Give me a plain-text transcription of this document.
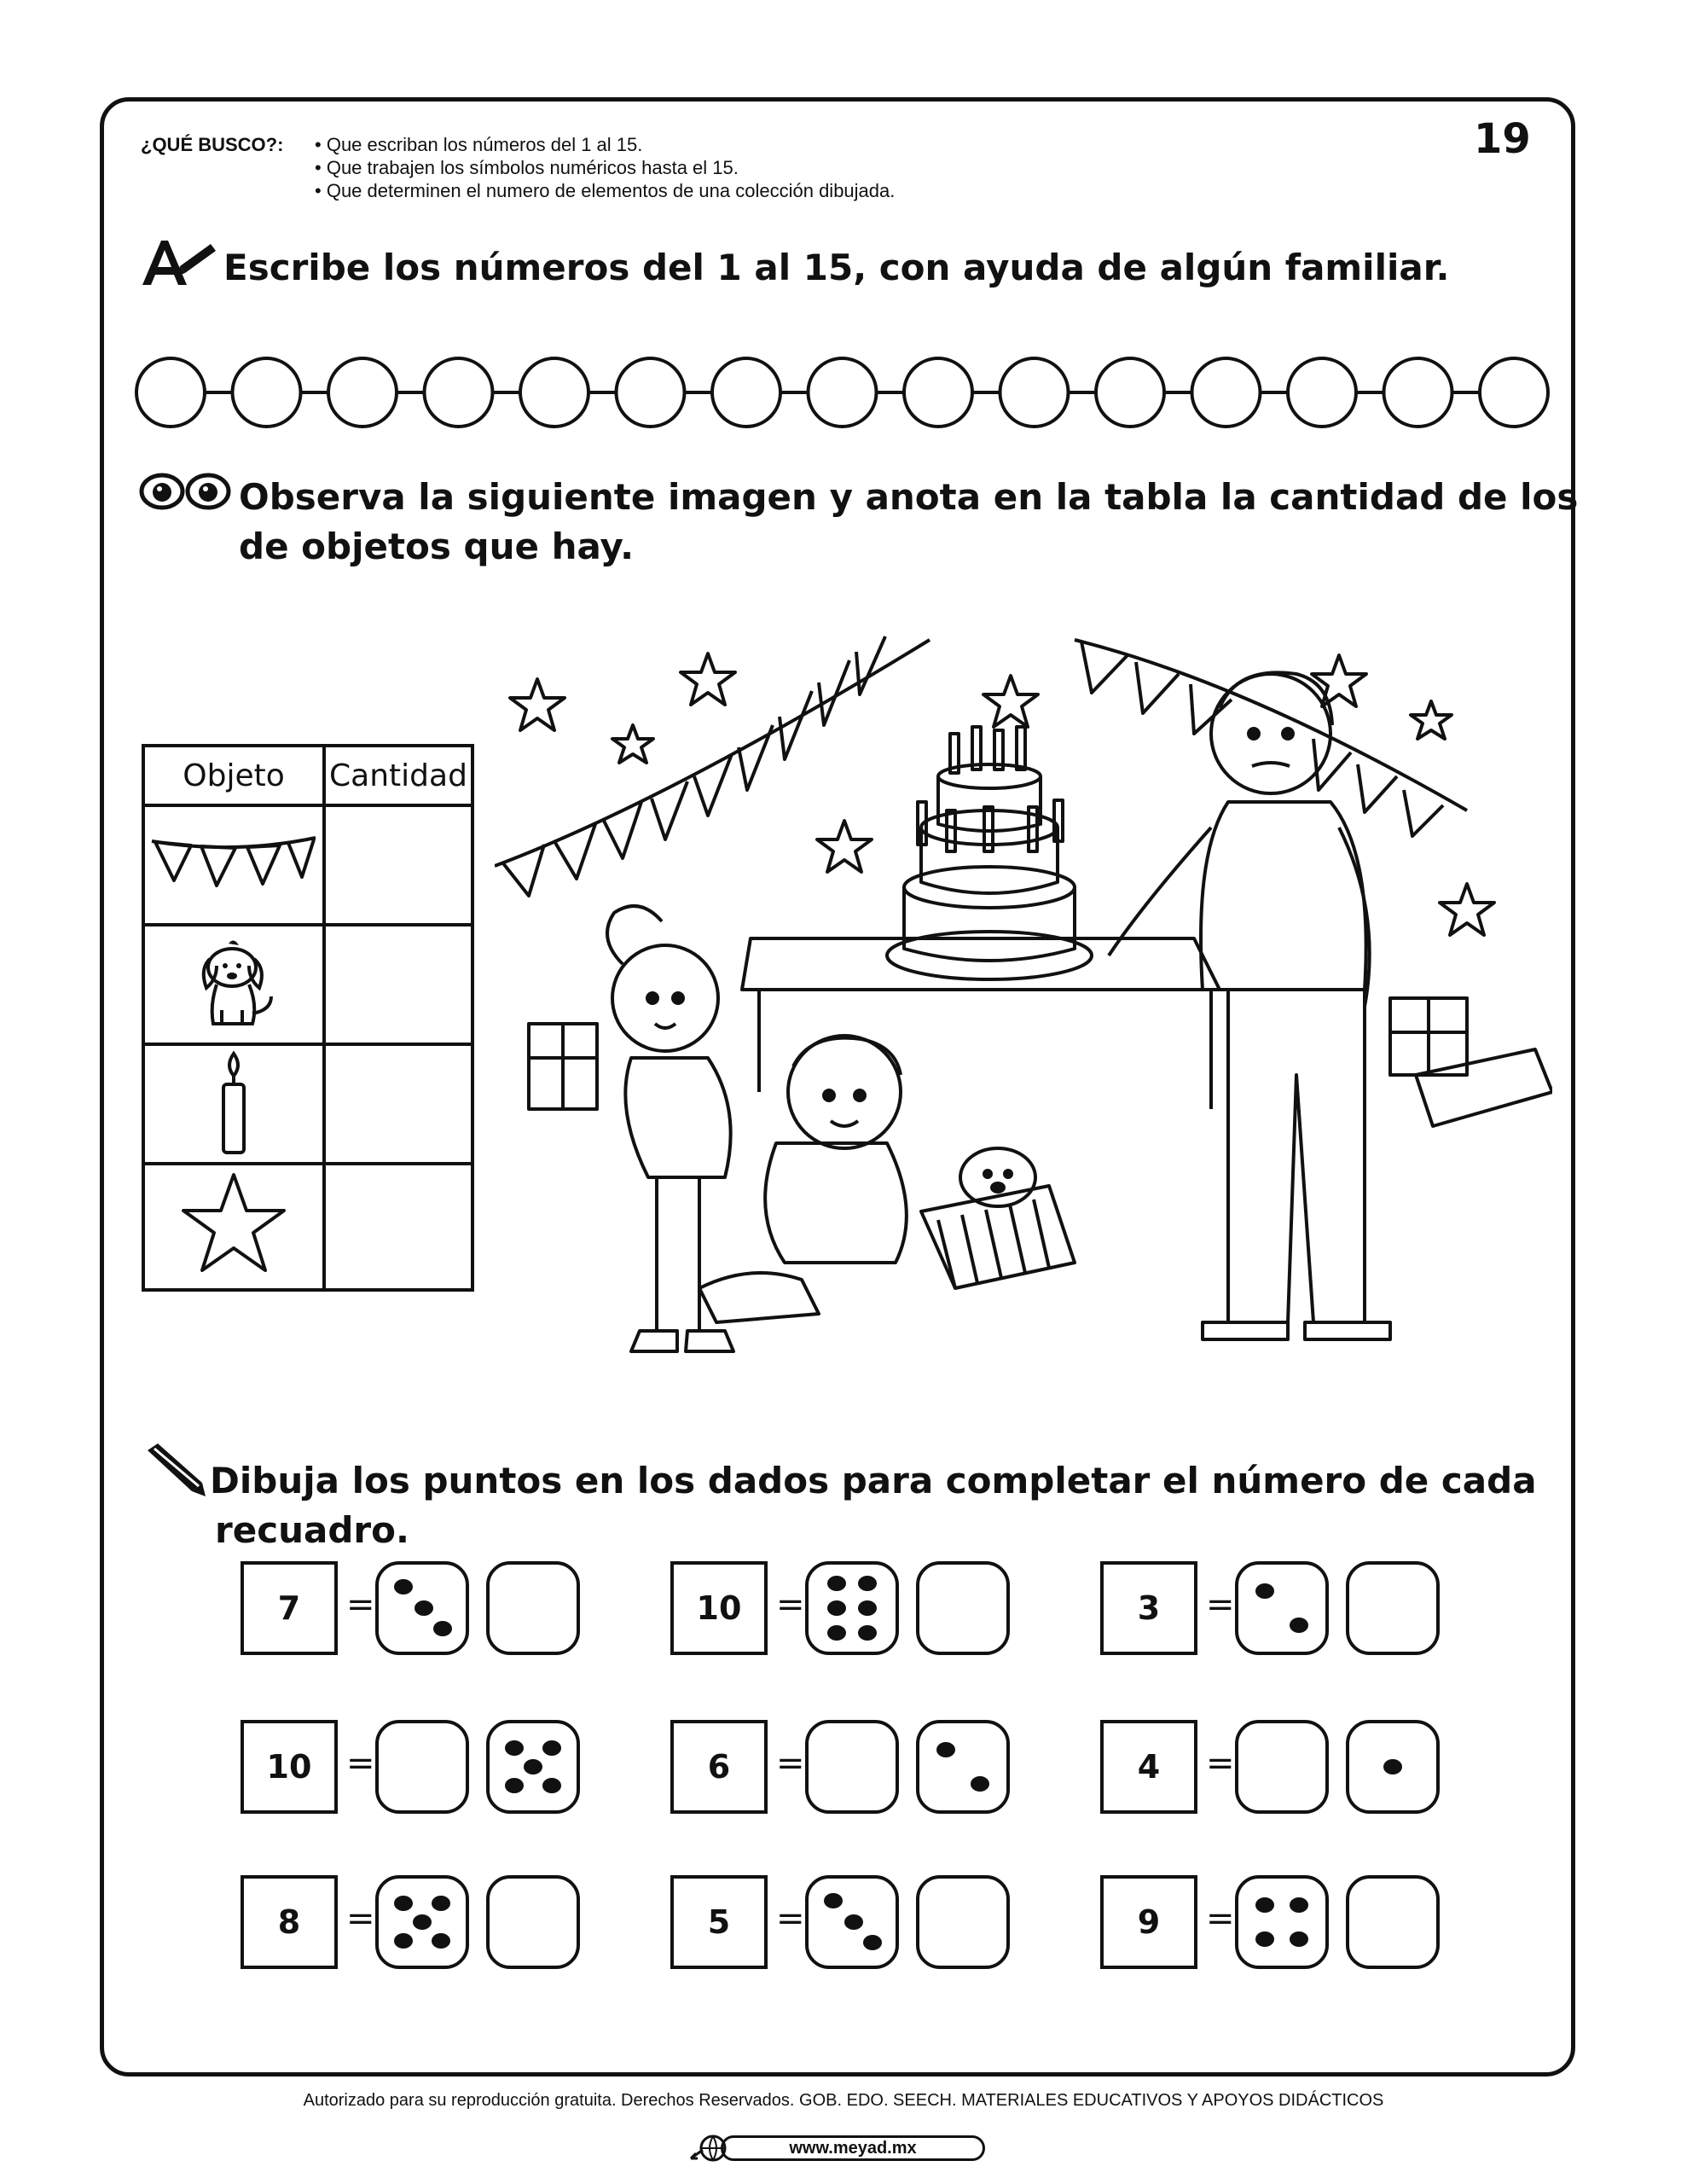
19
¿QUÉ BUSCO?:	• Que escriban los números del 1 al 15.
• Que trabajen los símbolos numéricos hasta el 15.
• Que determinen el numero de elementos de una colección dibujada.
Escribe los números del 1 al 15, con ayuda de algún familiar.
Observa la siguiente imagen y anota en la tabla la cantidad de los
de objetos que hay.
Objeto	Cantidad

Dibuja los puntos en los dados para completar el número de cada
recuadro.
7	=	10	=	3	=
10	=	6	=	4	=
8	=	5	=	9	=
Autorizado para su reproducción gratuita. Derechos Reservados. GOB. EDO. SEECH. MATERIALES EDUCATIVOS Y APOYOS DIDÁCTICOS
www.meyad.mx
